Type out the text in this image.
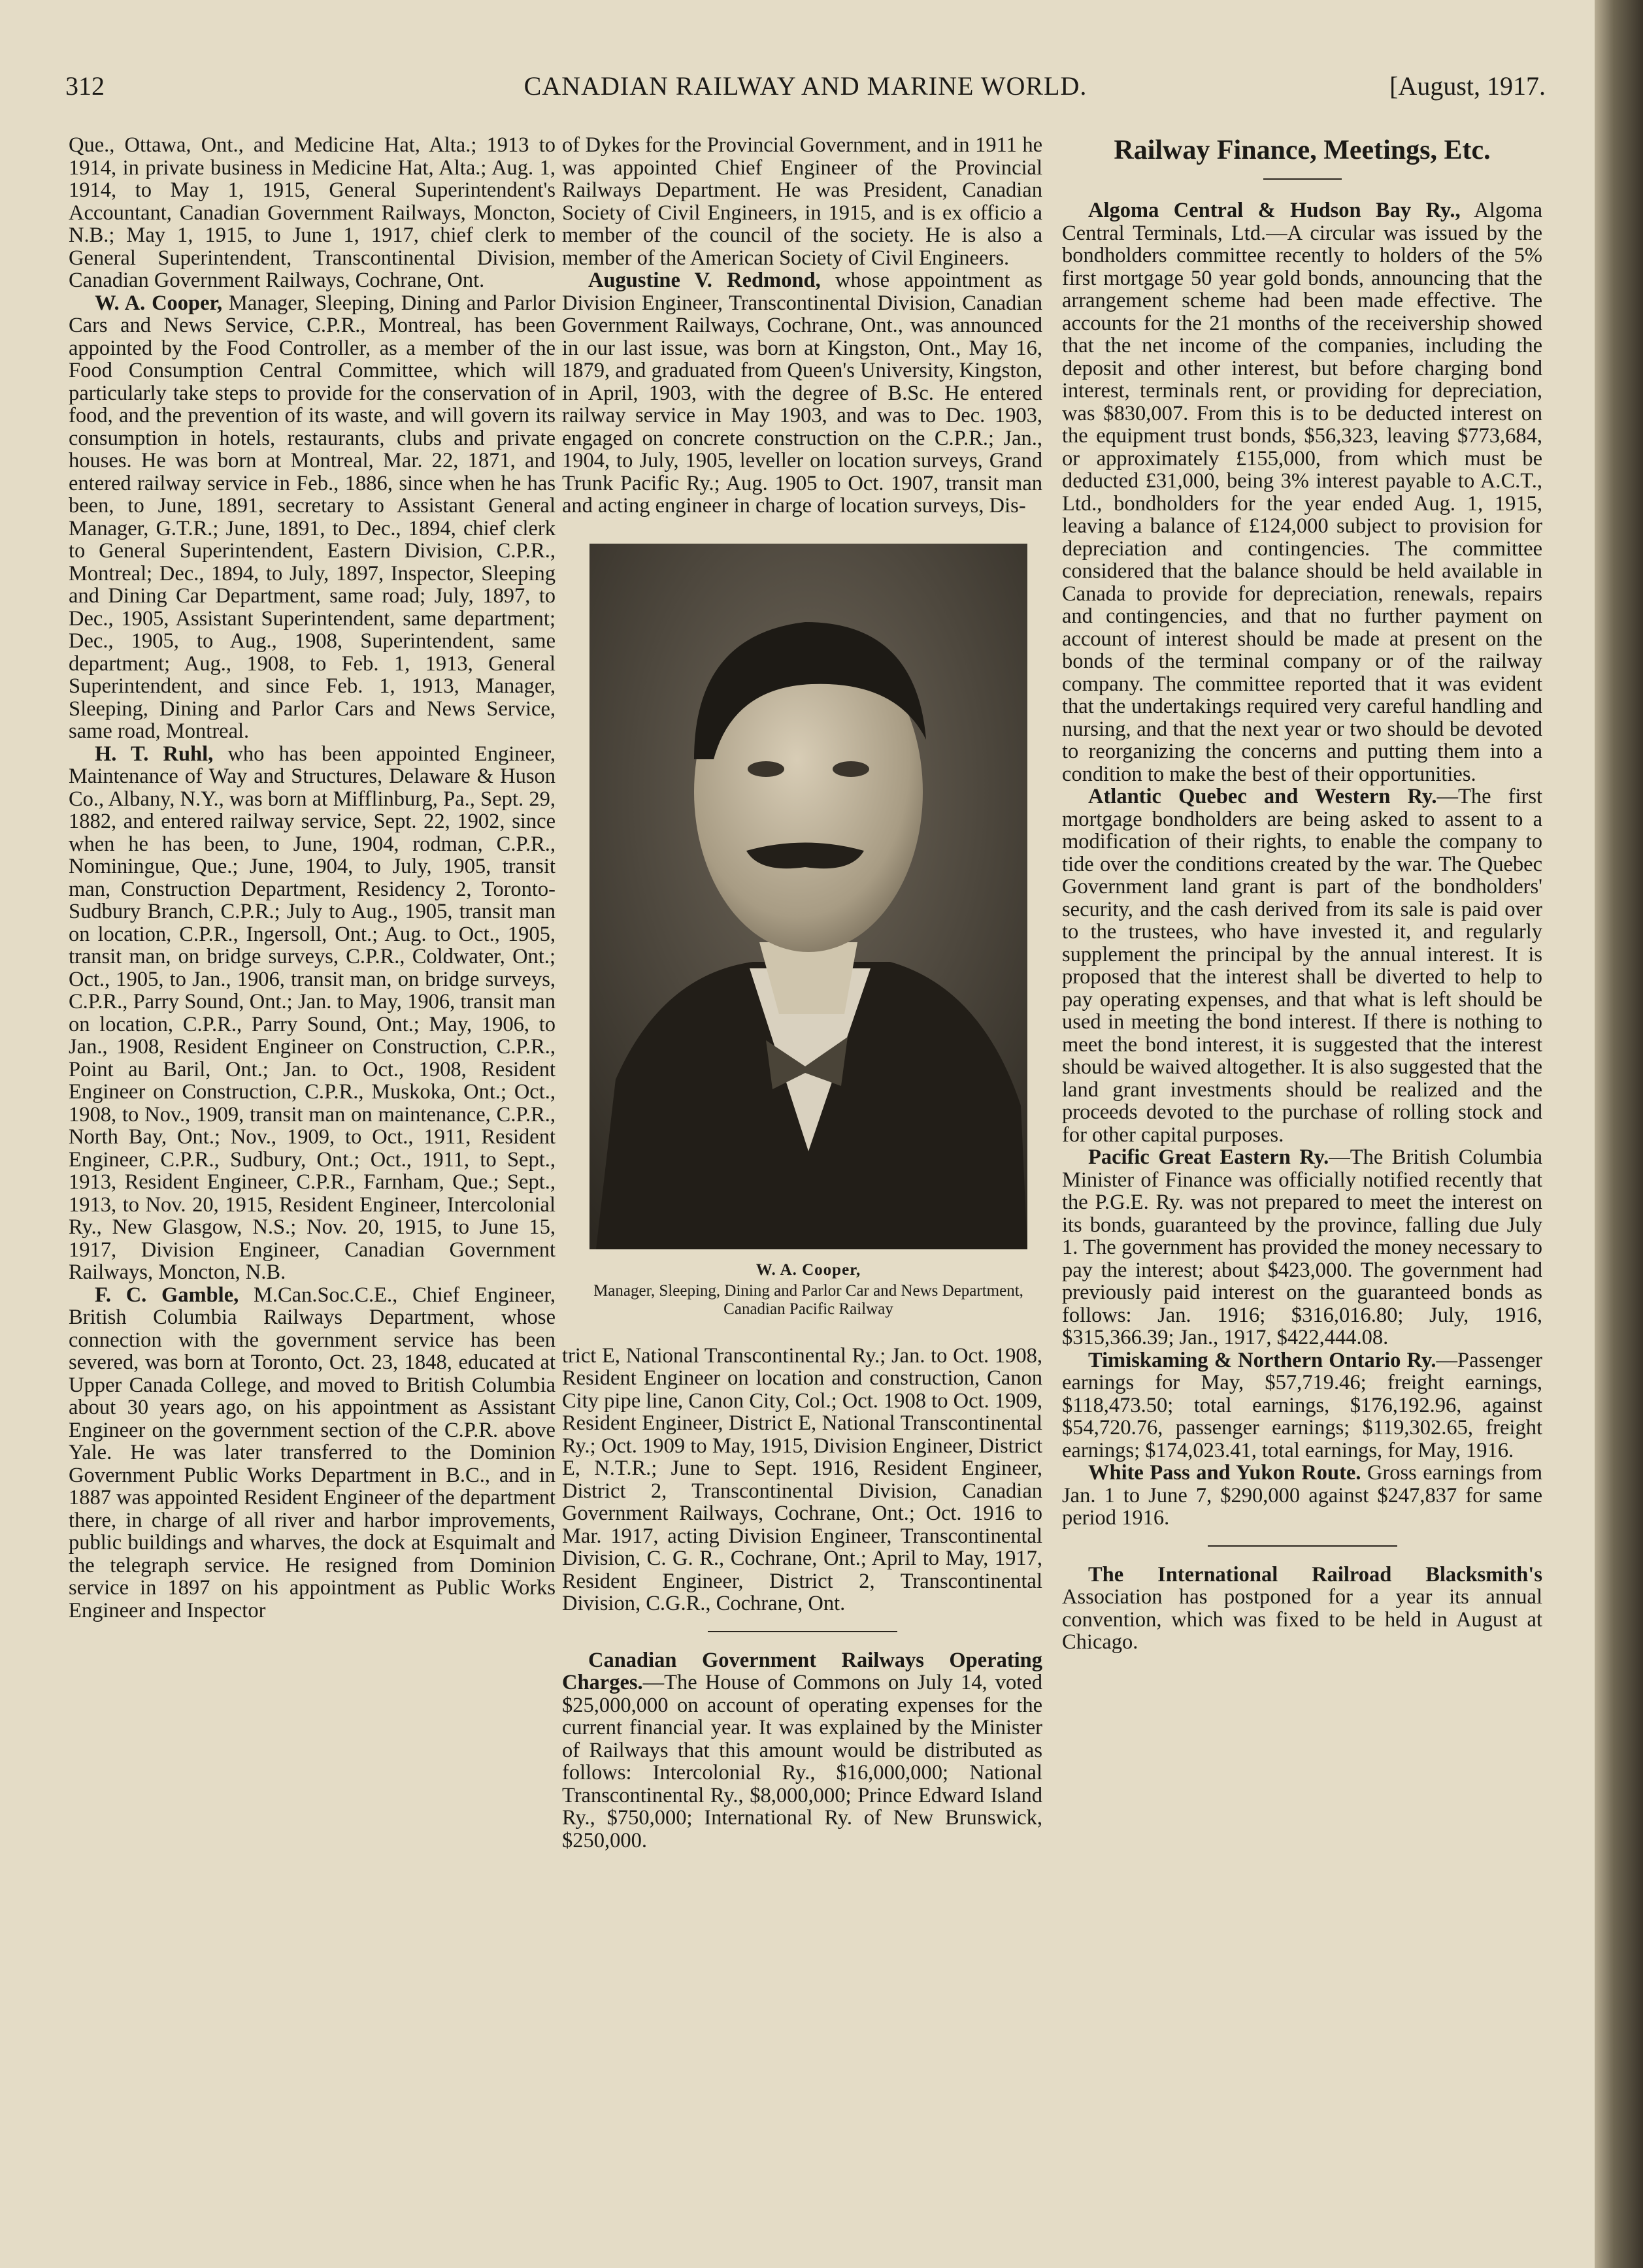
312	CANADIAN RAILWAY AND MARINE WORLD.	[August, 1917.

Que., Ottawa, Ont., and Medicine Hat, Alta.; 1913 to 1914, in private business in Medicine Hat, Alta.; Aug. 1, 1914, to May 1, 1915, General Superintendent's Accountant, Canadian Government Railways, Moncton, N.B.; May 1, 1915, to June 1, 1917, chief clerk to General Superintendent, Transcontinental Division, Canadian Government Railways, Cochrane, Ont.

W. A. Cooper, Manager, Sleeping, Dining and Parlor Cars and News Service, C.P.R., Montreal, has been appointed by the Food Controller, as a member of the Food Consumption Central Committee, which will particularly take steps to provide for the conservation of food, and the prevention of its waste, and will govern its consumption in hotels, restaurants, clubs and private houses. He was born at Montreal, Mar. 22, 1871, and entered railway service in Feb., 1886, since when he has been, to June, 1891, secretary to Assistant General Manager, G.T.R.; June, 1891, to Dec., 1894, chief clerk to General Superintendent, Eastern Division, C.P.R., Montreal; Dec., 1894, to July, 1897, Inspector, Sleeping and Dining Car Department, same road; July, 1897, to Dec., 1905, Assistant Superintendent, same department; Dec., 1905, to Aug., 1908, Superintendent, same department; Aug., 1908, to Feb. 1, 1913, General Superintendent, and since Feb. 1, 1913, Manager, Sleeping, Dining and Parlor Cars and News Service, same road, Montreal.

H. T. Ruhl, who has been appointed Engineer, Maintenance of Way and Structures, Delaware & Huson Co., Albany, N.Y., was born at Mifflinburg, Pa., Sept. 29, 1882, and entered railway service, Sept. 22, 1902, since when he has been, to June, 1904, rodman, C.P.R., Nominingue, Que.; June, 1904, to July, 1905, transit man, Construction Department, Residency 2, Toronto-Sudbury Branch, C.P.R.; July to Aug., 1905, transit man on location, C.P.R., Ingersoll, Ont.; Aug. to Oct., 1905, transit man, on bridge surveys, C.P.R., Coldwater, Ont.; Oct., 1905, to Jan., 1906, transit man, on bridge surveys, C.P.R., Parry Sound, Ont.; Jan. to May, 1906, transit man on location, C.P.R., Parry Sound, Ont.; May, 1906, to Jan., 1908, Resident Engineer on Construction, C.P.R., Point au Baril, Ont.; Jan. to Oct., 1908, Resident Engineer on Construction, C.P.R., Muskoka, Ont.; Oct., 1908, to Nov., 1909, transit man on maintenance, C.P.R., North Bay, Ont.; Nov., 1909, to Oct., 1911, Resident Engineer, C.P.R., Sudbury, Ont.; Oct., 1911, to Sept., 1913, Resident Engineer, C.P.R., Farnham, Que.; Sept., 1913, to Nov. 20, 1915, Resident Engineer, Intercolonial Ry., New Glasgow, N.S.; Nov. 20, 1915, to June 15, 1917, Division Engineer, Canadian Government Railways, Moncton, N.B.

F. C. Gamble, M.Can.Soc.C.E., Chief Engineer, British Columbia Railways Department, whose connection with the government service has been severed, was born at Toronto, Oct. 23, 1848, educated at Upper Canada College, and moved to British Columbia about 30 years ago, on his appointment as Assistant Engineer on the government section of the C.P.R. above Yale. He was later transferred to the Dominion Government Public Works Department in B.C., and in 1887 was appointed Resident Engineer of the department there, in charge of all river and harbor improvements, public buildings and wharves, the dock at Esquimalt and the telegraph service. He resigned from Dominion service in 1897 on his appointment as Public Works Engineer and Inspector

of Dykes for the Provincial Government, and in 1911 he was appointed Chief Engineer of the Provincial Railways Department. He was President, Canadian Society of Civil Engineers, in 1915, and is ex officio a member of the council of the society. He is also a member of the American Society of Civil Engineers.

Augustine V. Redmond, whose appointment as Division Engineer, Transcontinental Division, Canadian Government Railways, Cochrane, Ont., was announced in our last issue, was born at Kingston, Ont., May 16, 1879, and graduated from Queen's University, Kingston, in April, 1903, with the degree of B.Sc. He entered railway service in May 1903, and was to Dec. 1903, engaged on concrete construction on the C.P.R.; Jan., 1904, to July, 1905, leveller on location surveys, Grand Trunk Pacific Ry.; Aug. 1905 to Oct. 1907, transit man and acting engineer in charge of location surveys, Dis-

W. A. Cooper,
Manager, Sleeping, Dining and Parlor Car and News Department, Canadian Pacific Railway

trict E, National Transcontinental Ry.; Jan. to Oct. 1908, Resident Engineer on location and construction, Canon City pipe line, Canon City, Col.; Oct. 1908 to Oct. 1909, Resident Engineer, District E, National Transcontinental Ry.; Oct. 1909 to May, 1915, Division Engineer, District E, N.T.R.; June to Sept. 1916, Resident Engineer, District 2, Transcontinental Division, Canadian Government Railways, Cochrane, Ont.; Oct. 1916 to Mar. 1917, acting Division Engineer, Transcontinental Division, C. G. R., Cochrane, Ont.; April to May, 1917, Resident Engineer, District 2, Transcontinental Division, C.G.R., Cochrane, Ont.

Canadian Government Railways Operating Charges.—The House of Commons on July 14, voted $25,000,000 on account of operating expenses for the current financial year. It was explained by the Minister of Railways that this amount would be distributed as follows: Intercolonial Ry., $16,000,000; National Transcontinental Ry., $8,000,000; Prince Edward Island Ry., $750,000; International Ry. of New Brunswick, $250,000.

Railway Finance, Meetings, Etc.

Algoma Central & Hudson Bay Ry., Algoma Central Terminals, Ltd.—A circular was issued by the bondholders committee recently to holders of the 5% first mortgage 50 year gold bonds, announcing that the arrangement scheme had been made effective. The accounts for the 21 months of the receivership showed that the net income of the companies, including the deposit and other interest, but before charging bond interest, terminals rent, or providing for depreciation, was $830,007. From this is to be deducted interest on the equipment trust bonds, $56,323, leaving $773,684, or approximately £155,000, from which must be deducted £31,000, being 3% interest payable to A.C.T., Ltd., bondholders for the year ended Aug. 1, 1915, leaving a balance of £124,000 subject to provision for depreciation and contingencies. The committee considered that the balance should be held available in Canada to provide for depreciation, renewals, repairs and contingencies, and that no further payment on account of interest should be made at present on the bonds of the terminal company or of the railway company. The committee reported that it was evident that the undertakings required very careful handling and nursing, and that the next year or two should be devoted to reorganizing the concerns and putting them into a condition to make the best of their opportunities.

Atlantic Quebec and Western Ry.—The first mortgage bondholders are being asked to assent to a modification of their rights, to enable the company to tide over the conditions created by the war. The Quebec Government land grant is part of the bondholders' security, and the cash derived from its sale is paid over to the trustees, who have invested it, and regularly supplement the principal by the annual interest. It is proposed that the interest shall be diverted to help to pay operating expenses, and that what is left should be used in meeting the bond interest. If there is nothing to meet the bond interest, it is suggested that the interest should be waived altogether. It is also suggested that the land grant investments should be realized and the proceeds devoted to the purchase of rolling stock and for other capital purposes.

Pacific Great Eastern Ry.—The British Columbia Minister of Finance was officially notified recently that the P.G.E. Ry. was not prepared to meet the interest on its bonds, guaranteed by the province, falling due July 1. The government has provided the money necessary to pay the interest; about $423,000. The government had previously paid interest on the guaranteed bonds as follows: Jan. 1916; $316,016.80; July, 1916, $315,366.39; Jan., 1917, $422,444.08.

Timiskaming & Northern Ontario Ry.—Passenger earnings for May, $57,719.46; freight earnings, $118,473.50; total earnings, $176,192.96, against $54,720.76, passenger earnings; $119,302.65, freight earnings; $174,023.41, total earnings, for May, 1916.

White Pass and Yukon Route. Gross earnings from Jan. 1 to June 7, $290,000 against $247,837 for same period 1916.

The International Railroad Blacksmith's Association has postponed for a year its annual convention, which was fixed to be held in August at Chicago.
